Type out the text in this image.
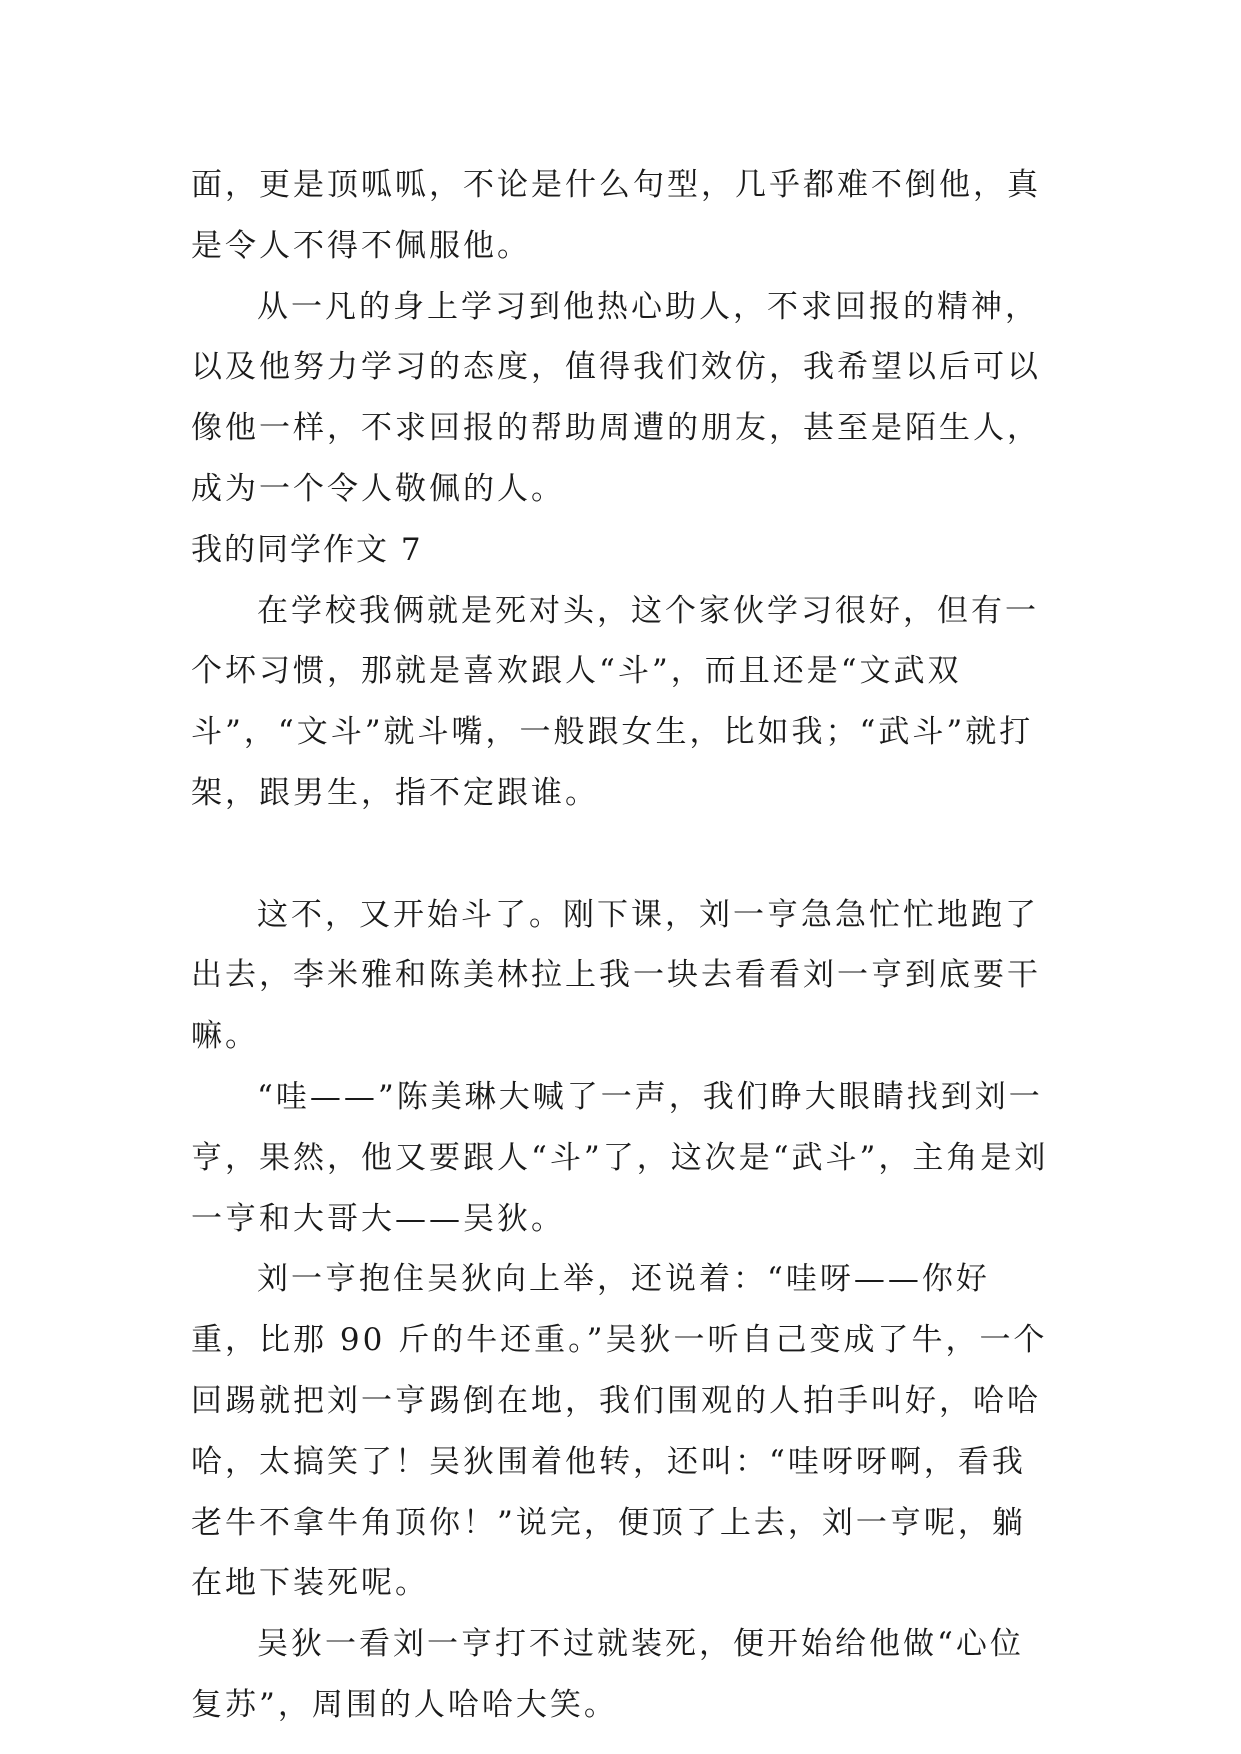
面，更是顶呱呱，不论是什么句型，几乎都难不倒他，真是令人不得不佩服他。

从一凡的身上学习到他热心助人，不求回报的精神，以及他努力学习的态度，值得我们效仿，我希望以后可以像他一样，不求回报的帮助周遭的朋友，甚至是陌生人，成为一个令人敬佩的人。

我的同学作文 7

在学校我俩就是死对头，这个家伙学习很好，但有一个坏习惯，那就是喜欢跟人“斗”，而且还是“文武双斗”，“文斗”就斗嘴，一般跟女生，比如我；“武斗”就打架，跟男生，指不定跟谁。

这不，又开始斗了。刚下课，刘一亨急急忙忙地跑了出去，李米雅和陈美林拉上我一块去看看刘一亨到底要干嘛。

“哇——”陈美琳大喊了一声，我们睁大眼睛找到刘一亨，果然，他又要跟人“斗”了，这次是“武斗”，主角是刘一亨和大哥大——吴狄。

刘一亨抱住吴狄向上举，还说着：“哇呀——你好重，比那 90 斤的牛还重。”吴狄一听自己变成了牛，一个回踢就把刘一亨踢倒在地，我们围观的人拍手叫好，哈哈哈，太搞笑了！吴狄围着他转，还叫：“哇呀呀啊，看我老牛不拿牛角顶你！”说完，便顶了上去，刘一亨呢，躺在地下装死呢。

吴狄一看刘一亨打不过就装死，便开始给他做“心位复苏”，周围的人哈哈大笑。
